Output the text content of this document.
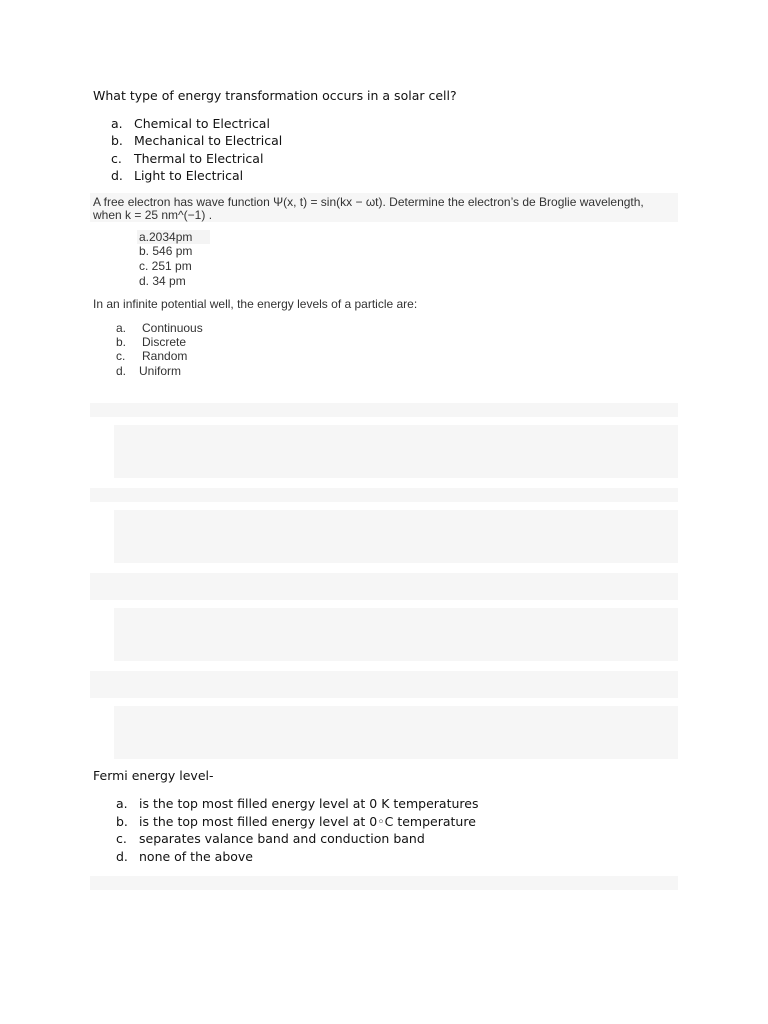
What type of energy transformation occurs in a solar cell?
a. Chemical to Electrical
b. Mechanical to Electrical
c. Thermal to Electrical
d. Light to Electrical
A free electron has wave function Ψ(x, t) = sin(kx − ωt). Determine the electron’s de Broglie wavelength,
when k = 25 nm^(−1) .
a.2034pm
b. 546 pm
c. 251 pm
d. 34 pm
In an infinite potential well, the energy levels of a particle are:
a. Continuous
b. Discrete
c. Random
d. Uniform
Fermi energy level-
a. is the top most filled energy level at 0 K temperatures
b. is the top most filled energy level at 0◦C temperature
c. separates valance band and conduction band
d. none of the above
